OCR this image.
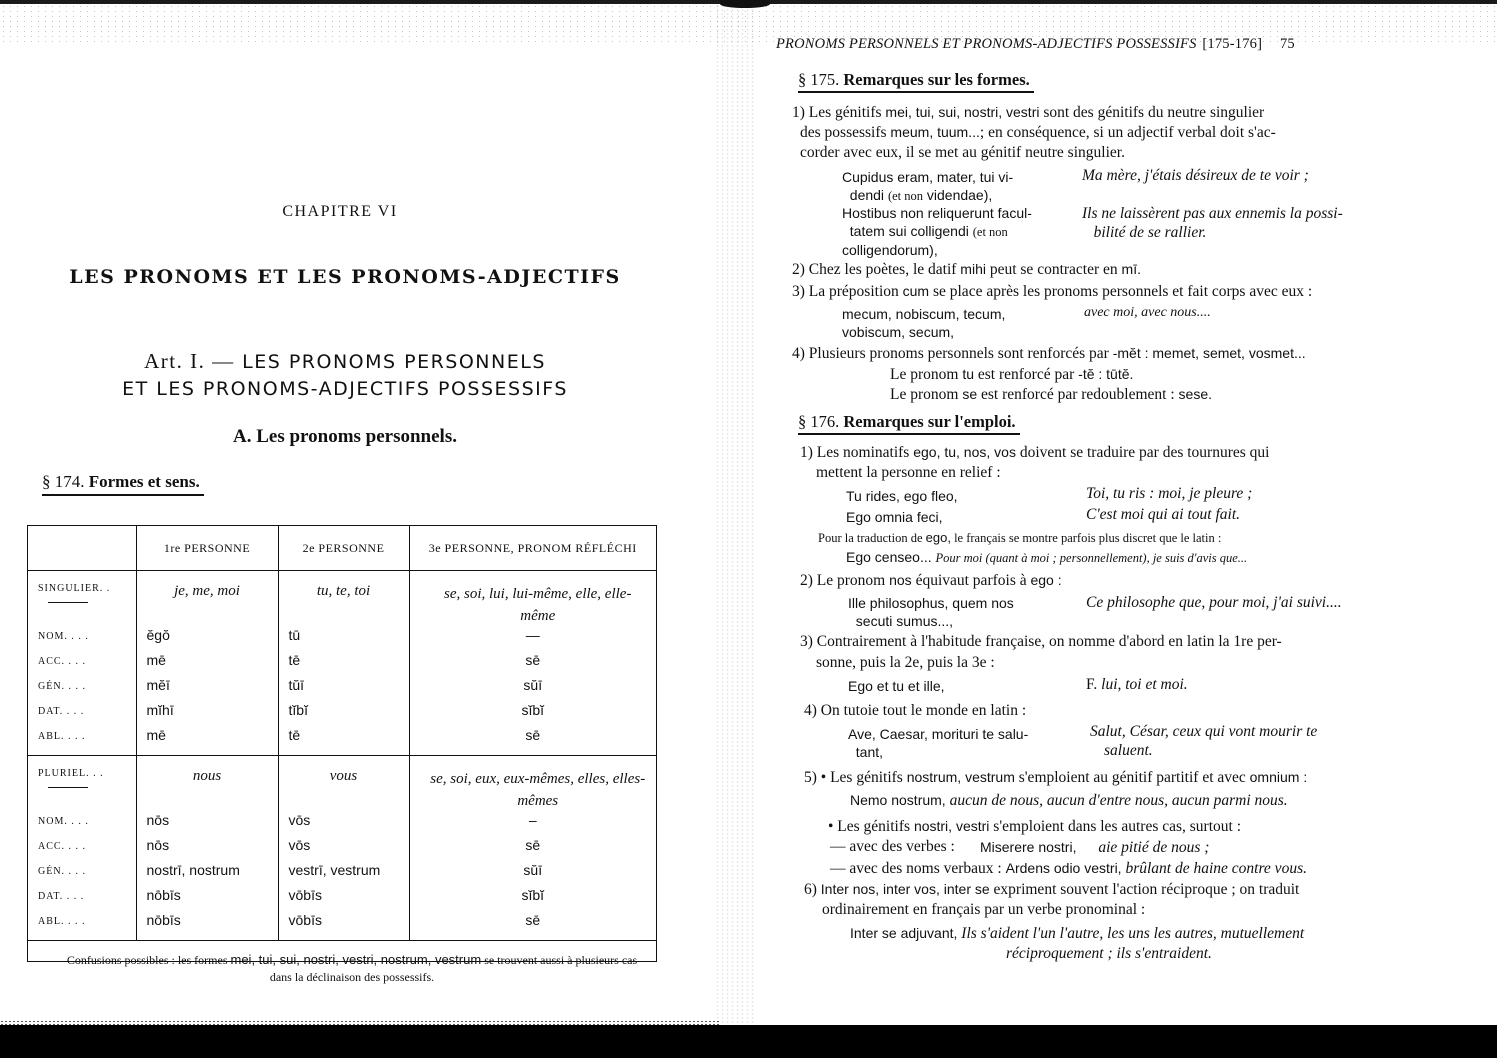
CHAPITRE VI
LES PRONOMS ET LES PRONOMS-ADJECTIFS
Art. I. — LES PRONOMS PERSONNELS
ET LES PRONOMS-ADJECTIFS POSSESSIFS
A. Les pronoms personnels.
§ 174. Formes et sens.
	1re PERSONNE	2e PERSONNE	3e PERSONNE, PRONOM RÉFLÉCHI
SINGULIER. .	je, me, moi	tu, te, toi	se, soi, lui, lui-même, elle, elle-même
NOM. . . .	ĕgŏ	tū	—
ACC. . . .	mē	tē	sē
GÉN. . . .	mĕī	tŭī	sŭī
DAT. . . .	mĭhī	tĭbĭ	sĭbĭ
ABL. . . .	mē	tē	sē
PLURIEL. . .	nous	vous	se, soi, eux, eux-mêmes, elles, elles-mêmes
NOM. . . .	nōs	vōs	–
ACC. . . .	nōs	vōs	sē
GÉN. . . .	nostrī, nostrum	vestrī, vestrum	sŭī
DAT. . . .	nōbīs	vōbīs	sĭbĭ
ABL. . . .	nōbīs	vōbīs	sē
Confusions possibles : les formes mei, tui, sui, nostri, vestri, nostrum, vestrum se trouvent aussi à plusieurs cas dans la déclinaison des possessifs.			
PRONOMS PERSONNELS ET PRONOMS-ADJECTIFS POSSESSIFS [175-176] 75
§ 175. Remarques sur les formes.
1) Les génitifs mei, tui, sui, nostri, vestri sont des génitifs du neutre singulier
des possessifs meum, tuum...; en conséquence, si un adjectif verbal doit s'ac-
corder avec eux, il se met au génitif neutre singulier.
Cupidus eram, mater, tui vi-
dendi (et non videndae),
Ma mère, j'étais désireux de te voir ;
Hostibus non reliquerunt facul-
tatem sui colligendi (et non
colligendorum),
Ils ne laissèrent pas aux ennemis la possi-
bilité de se rallier.
2) Chez les poètes, le datif mihi peut se contracter en mī.
3) La préposition cum se place après les pronoms personnels et fait corps avec eux :
mecum, nobiscum, tecum,
vobiscum, secum,
avec moi, avec nous....
4) Plusieurs pronoms personnels sont renforcés par -mĕt : memet, semet, vosmet...
Le pronom tu est renforcé par -tĕ : tūtĕ.
Le pronom se est renforcé par redoublement : sese.
§ 176. Remarques sur l'emploi.
1) Les nominatifs ego, tu, nos, vos doivent se traduire par des tournures qui
mettent la personne en relief :
Tu rides, ego fleo,	Toi, tu ris : moi, je pleure ;
Ego omnia feci,	C'est moi qui ai tout fait.
Pour la traduction de ego, le français se montre parfois plus discret que le latin :
Ego censeo... Pour moi (quant à moi ; personnellement), je suis d'avis que...
2) Le pronom nos équivaut parfois à ego :
Ille philosophus, quem nos
secuti sumus...,
Ce philosophe que, pour moi, j'ai suivi....
3) Contrairement à l'habitude française, on nomme d'abord en latin la 1re per-
sonne, puis la 2e, puis la 3e :
Ego et tu et ille,	F. lui, toi et moi.
4) On tutoie tout le monde en latin :
Ave, Caesar, morituri te salu-
tant,
Salut, César, ceux qui vont mourir te
saluent.
5) • Les génitifs nostrum, vestrum s'emploient au génitif partitif et avec omnium :
Nemo nostrum, aucun de nous, aucun d'entre nous, aucun parmi nous.
• Les génitifs nostri, vestri s'emploient dans les autres cas, surtout :
— avec des verbes : Miserere nostri, aie pitié de nous ;
— avec des noms verbaux : Ardens odio vestri, brûlant de haine contre vous.
6) Inter nos, inter vos, inter se expriment souvent l'action réciproque ; on traduit
ordinairement en français par un verbe pronominal :
Inter se adjuvant, Ils s'aident l'un l'autre, les uns les autres, mutuellement
réciproquement ; ils s'entraident.
